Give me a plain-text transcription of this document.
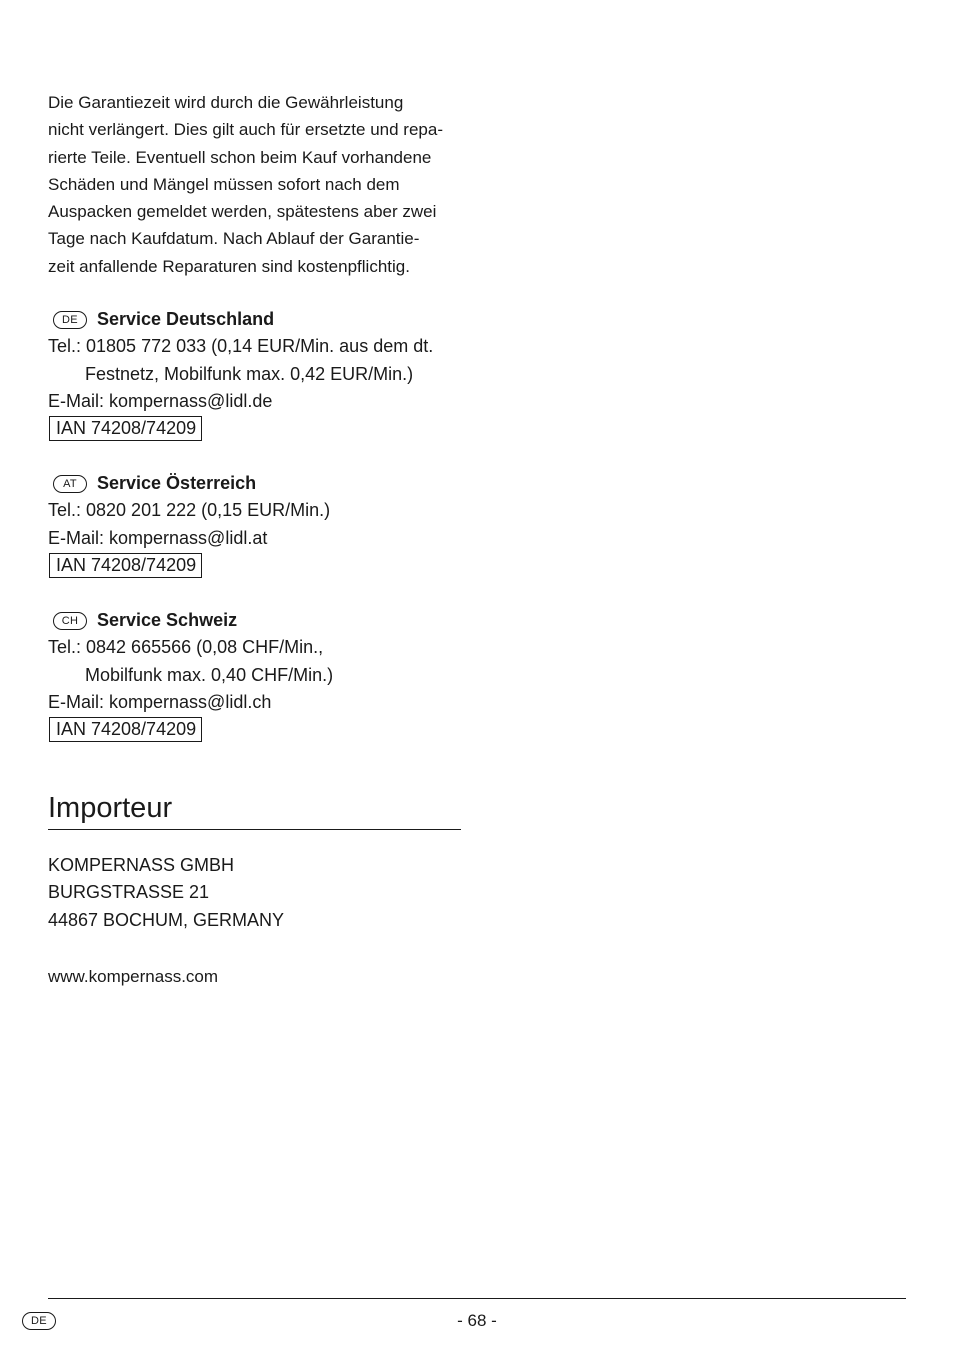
Die Garantiezeit wird durch die Gewährleistung
nicht verlängert. Dies gilt auch für ersetzte und repa-
rierte Teile. Eventuell schon beim Kauf vorhandene
Schäden und Mängel müssen sofort nach dem
Auspacken gemeldet werden, spätestens aber zwei
Tage nach Kaufdatum. Nach Ablauf der Garantie-
zeit anfallende Reparaturen sind kostenpflichtig.
DE	Service Deutschland
Tel.: 01805 772 033 (0,14 EUR/Min. aus dem dt.
Festnetz, Mobilfunk max. 0,42 EUR/Min.)
E-Mail: kompernass@lidl.de
IAN 74208/74209
AT	Service Österreich
Tel.: 0820 201 222 (0,15 EUR/Min.)
E-Mail: kompernass@lidl.at
IAN 74208/74209
CH	Service Schweiz
Tel.: 0842 665566 (0,08 CHF/Min.,
Mobilfunk max. 0,40 CHF/Min.)
E-Mail: kompernass@lidl.ch
IAN 74208/74209
Importeur
KOMPERNASS GMBH
BURGSTRASSE 21
44867 BOCHUM, GERMANY
www.kompernass.com
DE	- 68 -
